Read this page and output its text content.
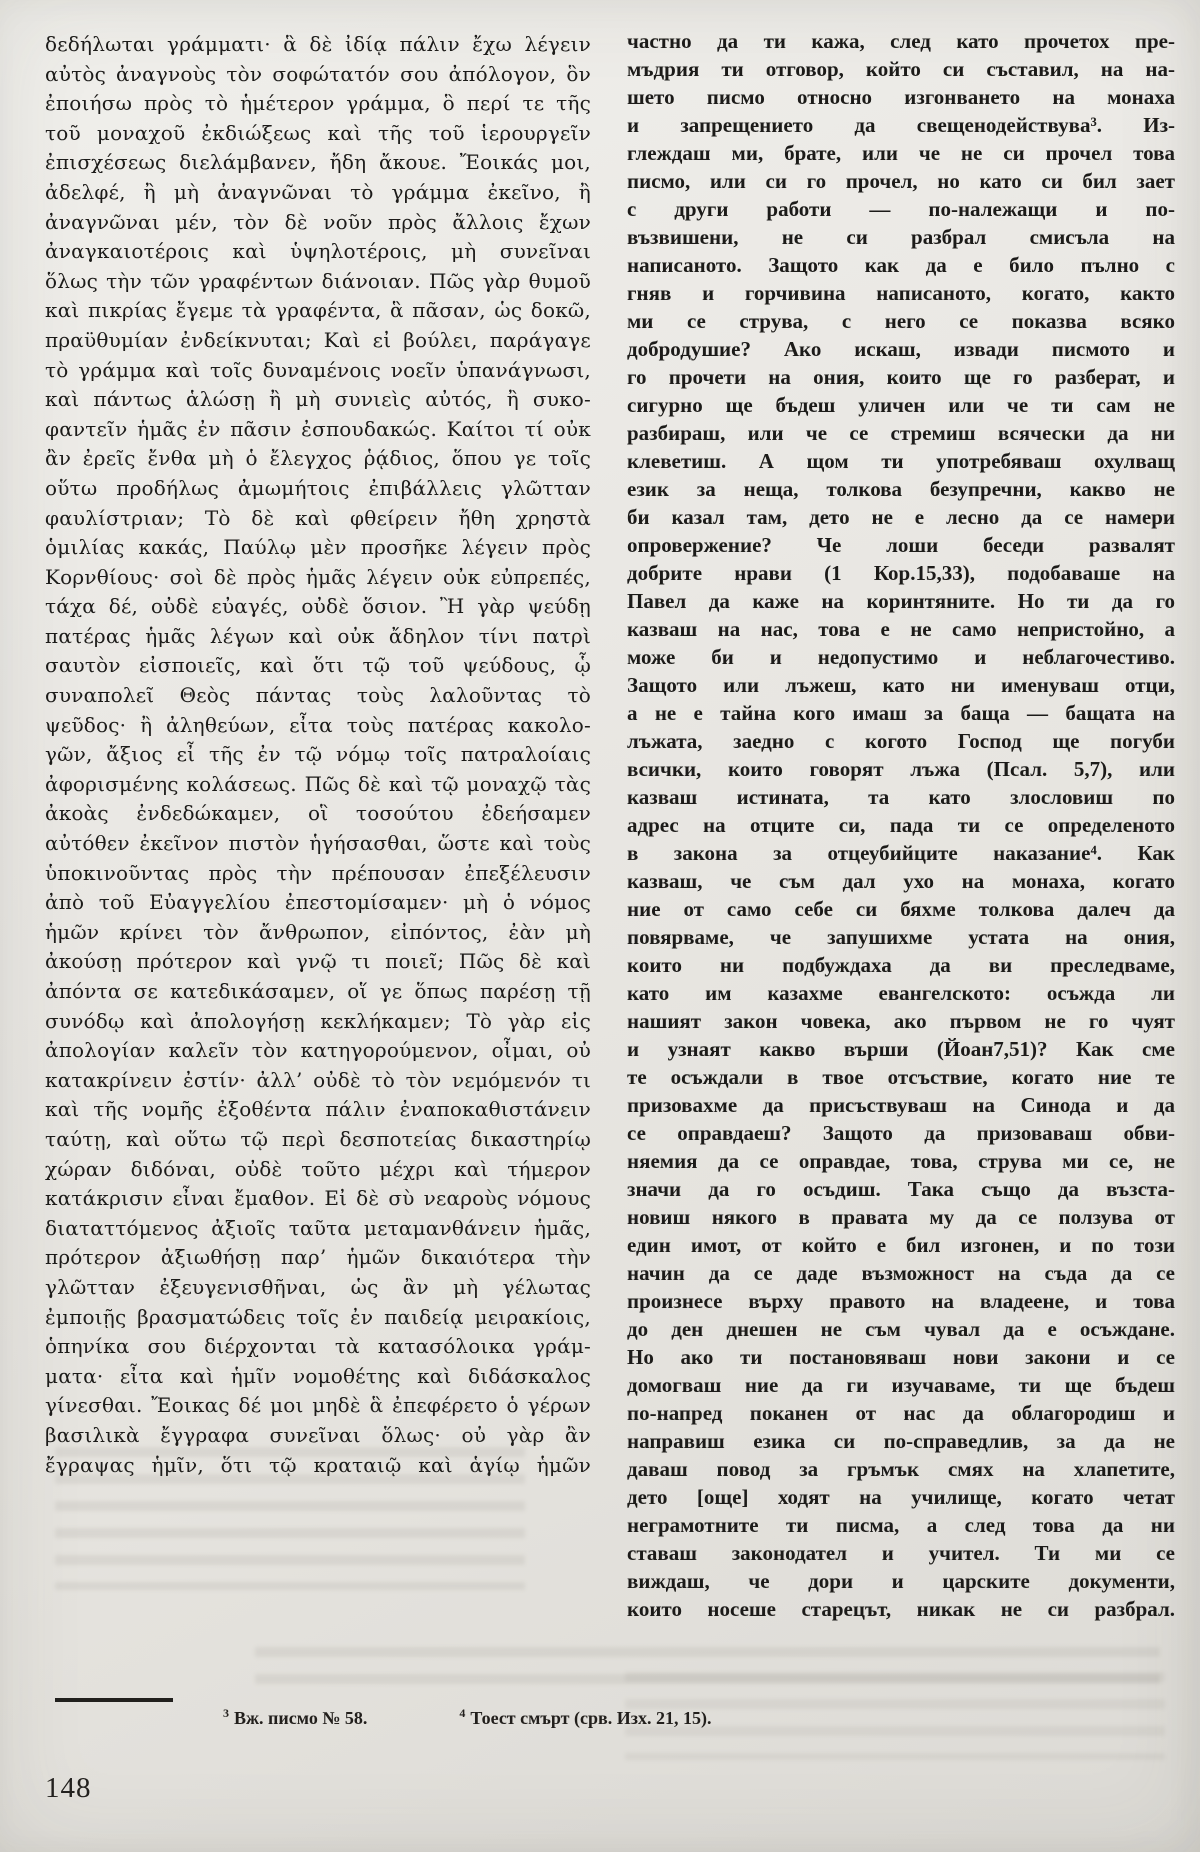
δεδήλωται γράμματι· ἃ δὲ ἰδίᾳ πάλιν ἔχω λέγειν
αὐτὸς ἀναγνοὺς τὸν σοφώτατόν σου ἀπόλογον, ὃν
ἐποιήσω πρὸς τὸ ἡμέτερον γράμμα, ὃ περί τε τῆς
τοῦ μοναχοῦ ἐκδιώξεως καὶ τῆς τοῦ ἱερουργεῖν
ἐπισχέσεως διελάμβανεν, ἤδη ἄκουε. Ἔοικάς μοι,
ἀδελφέ, ἢ μὴ ἀναγνῶναι τὸ γράμμα ἐκεῖνο, ἢ
ἀναγνῶναι μέν, τὸν δὲ νοῦν πρὸς ἄλλοις ἔχων
ἀναγκαιοτέροις καὶ ὑψηλοτέροις, μὴ συνεῖναι
ὅλως τὴν τῶν γραφέντων διάνοιαν. Πῶς γὰρ θυμοῦ
καὶ πικρίας ἔγεμε τὰ γραφέντα, ἃ πᾶσαν, ὡς δοκῶ,
πραϋθυμίαν ἐνδείκνυται; Καὶ εἰ βούλει, παράγαγε
τὸ γράμμα καὶ τοῖς δυναμένοις νοεῖν ὑπανάγνωσι,
καὶ πάντως ἁλώσῃ ἢ μὴ συνιεὶς αὐτός, ἢ συκο-
φαντεῖν ἡμᾶς ἐν πᾶσιν ἐσπουδακώς. Καίτοι τί οὐκ
ἂν ἐρεῖς ἔνθα μὴ ὁ ἔλεγχος ῥᾴδιος, ὅπου γε τοῖς
οὕτω προδήλως ἀμωμήτοις ἐπιβάλλεις γλῶτταν
φαυλίστριαν; Τὸ δὲ καὶ φθείρειν ἤθη χρηστὰ
ὁμιλίας κακάς, Παύλῳ μὲν προσῆκε λέγειν πρὸς
Κορνθίους· σοὶ δὲ πρὸς ἡμᾶς λέγειν οὐκ εὐπρεπές,
τάχα δέ, οὐδὲ εὐαγές, οὐδὲ ὅσιον. Ἢ γὰρ ψεύδῃ
πατέρας ἡμᾶς λέγων καὶ οὐκ ἄδηλον τίνι πατρὶ
σαυτὸν εἰσποιεῖς, καὶ ὅτι τῷ τοῦ ψεύδους, ᾧ
συναπολεῖ Θεὸς πάντας τοὺς λαλοῦντας τὸ
ψεῦδος· ἢ ἀληθεύων, εἶτα τοὺς πατέρας κακολο-
γῶν, ἄξιος εἶ τῆς ἐν τῷ νόμῳ τοῖς πατραλοίαις
ἀφορισμένης κολάσεως. Πῶς δὲ καὶ τῷ μοναχῷ τὰς
ἀκοὰς ἐνδεδώκαμεν, οἳ τοσούτου ἐδεήσαμεν
αὐτόθεν ἐκεῖνον πιστὸν ἡγήσασθαι, ὥστε καὶ τοὺς
ὑποκινοῦντας πρὸς τὴν πρέπουσαν ἐπεξέλευσιν
ἀπὸ τοῦ Εὐαγγελίου ἐπεστομίσαμεν· μὴ ὁ νόμος
ἡμῶν κρίνει τὸν ἄνθρωπον, εἰπόντος, ἐὰν μὴ
ἀκούσῃ πρότερον καὶ γνῷ τι ποιεῖ; Πῶς δὲ καὶ
ἀπόντα σε κατεδικάσαμεν, οἵ γε ὅπως παρέσῃ τῇ
συνόδῳ καὶ ἀπολογήσῃ κεκλήκαμεν; Τὸ γὰρ εἰς
ἀπολογίαν καλεῖν τὸν κατηγορούμενον, οἶμαι, οὐ
κατακρίνειν ἐστίν· ἀλλ’ οὐδὲ τὸ τὸν νεμόμενόν τι
καὶ τῆς νομῆς ἐξοθέντα πάλιν ἐναποκαθιστάνειν
ταύτῃ, καὶ οὕτω τῷ περὶ δεσποτείας δικαστηρίῳ
χώραν διδόναι, οὐδὲ τοῦτο μέχρι καὶ τήμερον
κατάκρισιν εἶναι ἔμαθον. Εἰ δὲ σὺ νεαροὺς νόμους
διαταττόμενος ἀξιοῖς ταῦτα μεταμανθάνειν ἡμᾶς,
πρότερον ἀξιωθήσῃ παρ’ ἡμῶν δικαιότερα τὴν
γλῶτταν ἐξευγενισθῆναι, ὡς ἂν μὴ γέλωτας
ἐμποιῇς βρασματώδεις τοῖς ἐν παιδείᾳ μειρακίοις,
ὁπηνίκα σου διέρχονται τὰ κατασόλοικα γράμ-
ματα· εἶτα καὶ ἡμῖν νομοθέτης καὶ διδάσκαλος
γίνεσθαι. Ἔοικας δέ μοι μηδὲ ἃ ἐπεφέρετο ὁ γέρων
βασιλικὰ ἔγγραφα συνεῖναι ὅλως· οὐ γὰρ ἂν
ἔγραψας ἡμῖν, ὅτι τῷ κραταιῷ καὶ ἁγίῳ ἡμῶν
частно да ти кажа, след като прочетох пре-
мъдрия ти отговор, който си съставил, на на-
шето писмо относно изгонването на монаха
и запрещението да свещенодействува³. Из-
глеждаш ми, брате, или че не си прочел това
писмо, или си го прочел, но като си бил зает
с други работи — по-належащи и по-
възвишени, не си разбрал смисъла на
написаното. Защото как да е било пълно с
гняв и горчивина написаното, когато, както
ми се струва, с него се показва всяко
добродушие? Ако искаш, извади писмото и
го прочети на ония, които ще го разберат, и
сигурно ще бъдеш уличен или че ти сам не
разбираш, или че се стремиш всячески да ни
клеветиш. А щом ти употребяваш охулващ
език за неща, толкова безупречни, какво не
би казал там, дето не е лесно да се намери
опровержение? Че лоши беседи развалят
добрите нрави (1 Кор.15,33), подобаваше на
Павел да каже на коринтяните. Но ти да го
казваш на нас, това е не само непристойно, а
може би и недопустимо и неблагочестиво.
Защото или лъжеш, като ни именуваш отци,
а не е тайна кого имаш за баща — бащата на
лъжата, заедно с когото Господ ще погуби
всички, които говорят лъжа (Псал. 5,7), или
казваш истината, та като злословиш по
адрес на отците си, пада ти се определеното
в закона за отцеубийците наказание⁴. Как
казваш, че съм дал ухо на монаха, когато
ние от само себе си бяхме толкова далеч да
повярваме, че запушихме устата на ония,
които ни подбуждаха да ви преследваме,
като им казахме евангелското: осъжда ли
нашият закон човека, ако първом не го чуят
и узнаят какво върши (Йоан7,51)? Как сме
те осъждали в твое отсъствие, когато ние те
призовахме да присъствуваш на Синода и да
се оправдаеш? Защото да призоваваш обви-
няемия да се оправдае, това, струва ми се, не
значи да го осъдиш. Така също да възста-
новиш някого в правата му да се ползува от
един имот, от който е бил изгонен, и по този
начин да се даде възможност на съда да се
произнесе върху правото на владеене, и това
до ден днешен не съм чувал да е осъждане.
Но ако ти постановяваш нови закони и се
домогваш ние да ги изучаваме, ти ще бъдеш
по-напред поканен от нас да облагородиш и
направиш езика си по-справедлив, за да не
даваш повод за гръмък смях на хлапетите,
дето [още] ходят на училище, когато четат
неграмотните ти писма, а след това да ни
ставаш законодател и учител. Ти ми се
виждаш, че дори и царските документи,
които носеше старецът, никак не си разбрал.
$^3$ Вж. писмо № 58.	$^4$ Тоест смърт (срв. Изх. 21, 15).
148
